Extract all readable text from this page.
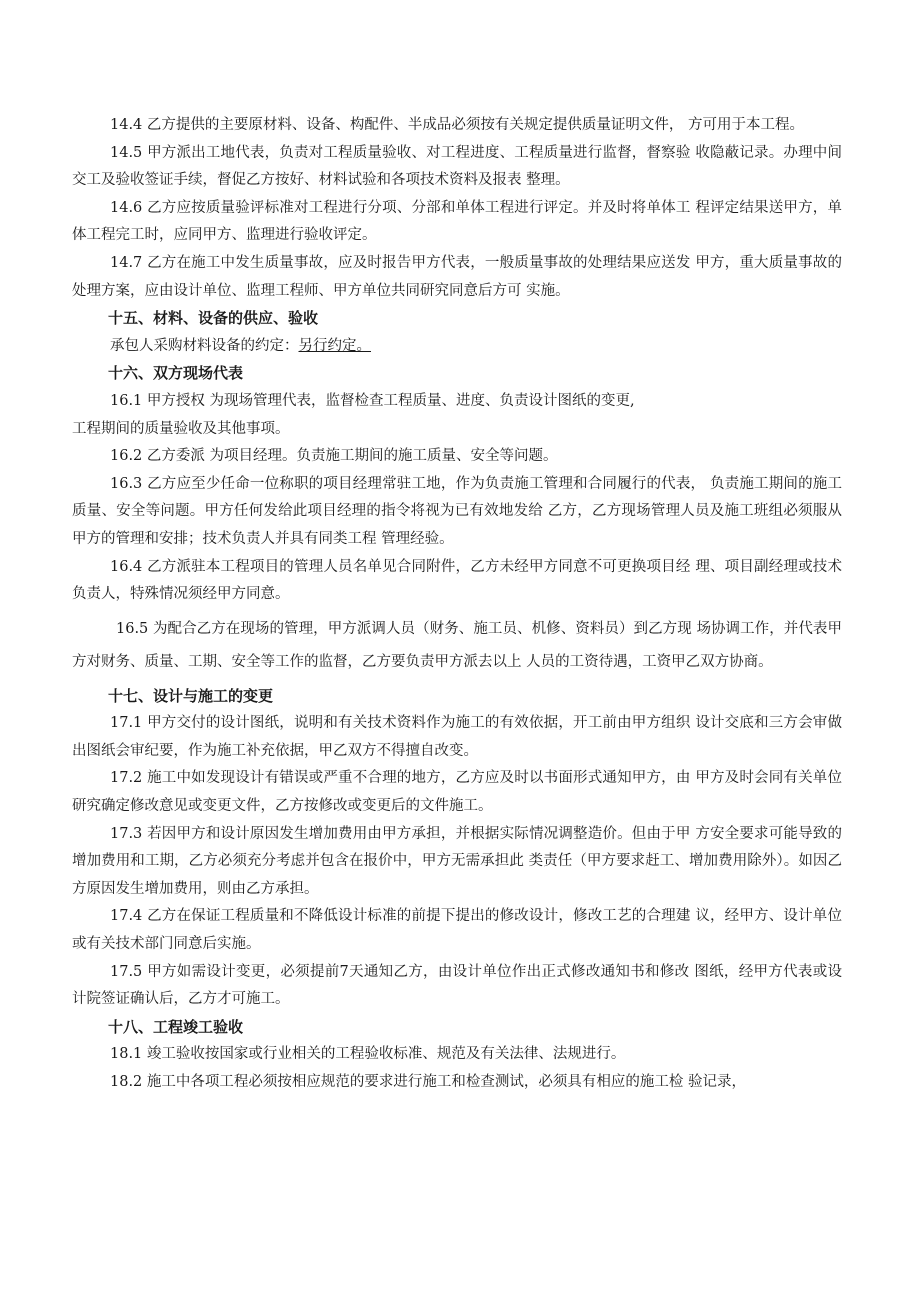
14.4 乙方提供的主要原材料、设备、构配件、半成品必须按有关规定提供质量证明文件， 方可用于本工程。

14.5 甲方派出工地代表，负责对工程质量验收、对工程进度、工程质量进行监督，督察验 收隐蔽记录。办理中间交工及验收签证手续，督促乙方按好、材料试验和各项技术资料及报表 整理。

14.6 乙方应按质量验评标准对工程进行分项、分部和单体工程进行评定。并及时将单体工 程评定结果送甲方，单体工程完工时，应同甲方、监理进行验收评定。

14.7 乙方在施工中发生质量事故，应及时报告甲方代表，一般质量事故的处理结果应送发 甲方，重大质量事故的处理方案，应由设计单位、监理工程师、甲方单位共同研究同意后方可 实施。

十五、材料、设备的供应、验收

承包人采购材料设备的约定：另行约定。

十六、双方现场代表

16.1 甲方授权 为现场管理代表，监督检查工程质量、进度、负责设计图纸的变更,

工程期间的质量验收及其他事项。

16.2 乙方委派 为项目经理。负责施工期间的施工质量、安全等问题。

16.3 乙方应至少任命一位称职的项目经理常驻工地，作为负责施工管理和合同履行的代表， 负责施工期间的施工质量、安全等问题。甲方任何发给此项目经理的指令将视为已有效地发给 乙方，乙方现场管理人员及施工班组必须服从甲方的管理和安排；技术负责人并具有同类工程 管理经验。

16.4 乙方派驻本工程项目的管理人员名单见合同附件，乙方未经甲方同意不可更换项目经 理、项目副经理或技术负责人，特殊情况须经甲方同意。

16.5 为配合乙方在现场的管理，甲方派调人员（财务、施工员、机修、资料员）到乙方现 场协调工作，并代表甲方对财务、质量、工期、安全等工作的监督，乙方要负责甲方派去以上 人员的工资待遇，工资甲乙双方协商。

十七、设计与施工的变更

17.1 甲方交付的设计图纸，说明和有关技术资料作为施工的有效依据，开工前由甲方组织 设计交底和三方会审做出图纸会审纪要，作为施工补充依据，甲乙双方不得擅自改变。

17.2 施工中如发现设计有错误或严重不合理的地方，乙方应及时以书面形式通知甲方，由 甲方及时会同有关单位研究确定修改意见或变更文件，乙方按修改或变更后的文件施工。

17.3 若因甲方和设计原因发生增加费用由甲方承担，并根据实际情况调整造价。但由于甲 方安全要求可能导致的增加费用和工期，乙方必须充分考虑并包含在报价中，甲方无需承担此 类责任（甲方要求赶工、增加费用除外）。如因乙方原因发生增加费用，则由乙方承担。

17.4 乙方在保证工程质量和不降低设计标准的前提下提出的修改设计，修改工艺的合理建 议，经甲方、设计单位或有关技术部门同意后实施。

17.5 甲方如需设计变更，必须提前7天通知乙方，由设计单位作出正式修改通知书和修改 图纸，经甲方代表或设计院签证确认后，乙方才可施工。

十八、工程竣工验收

18.1 竣工验收按国家或行业相关的工程验收标准、规范及有关法律、法规进行。

18.2 施工中各项工程必须按相应规范的要求进行施工和检查测试，必须具有相应的施工检 验记录，
